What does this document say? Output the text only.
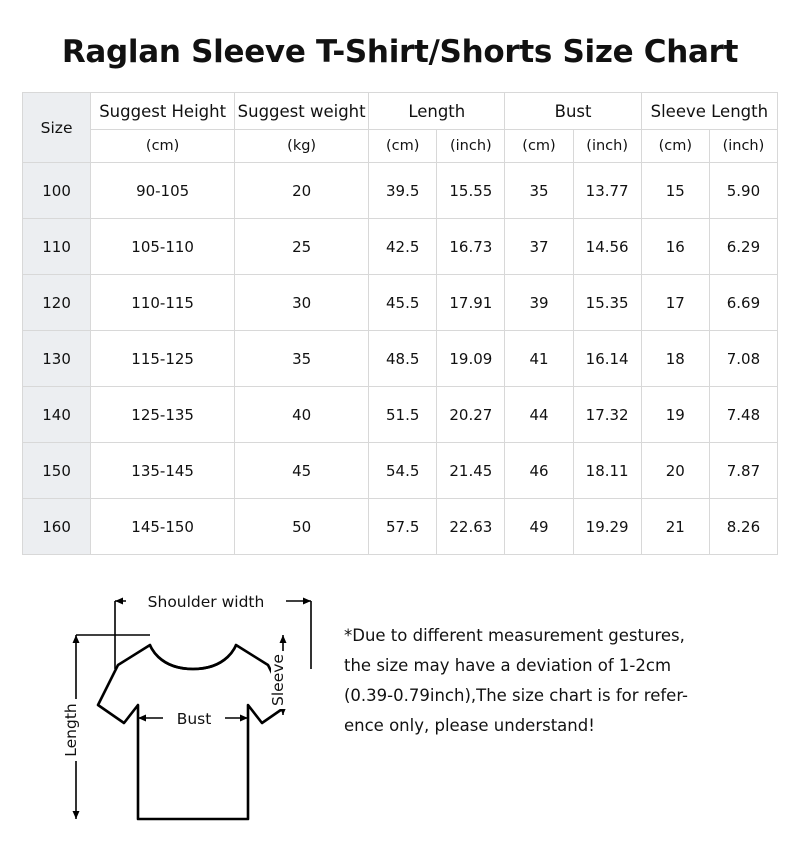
Raglan Sleeve T-Shirt/Shorts Size Chart
Size	Suggest Height	Suggest weight	Length		Bust		Sleeve Length	
	(cm)	(kg)	(cm)	(inch)	(cm)	(inch)	(cm)	(inch)
100	90-105	20	39.5	15.55	35	13.77	15	5.90
110	105-110	25	42.5	16.73	37	14.56	16	6.29
120	110-115	30	45.5	17.91	39	15.35	17	6.69
130	115-125	35	48.5	19.09	41	16.14	18	7.08
140	125-135	40	51.5	20.27	44	17.32	19	7.48
150	135-145	45	54.5	21.45	46	18.11	20	7.87
160	145-150	50	57.5	22.63	49	19.29	21	8.26
Shoulder width
Length	Bust
Sleeve

*Due to different measurement gestures,

the size may have a deviation of 1-2cm

(0.39-0.79inch),The size chart is for refer-

ence only, please understand!
